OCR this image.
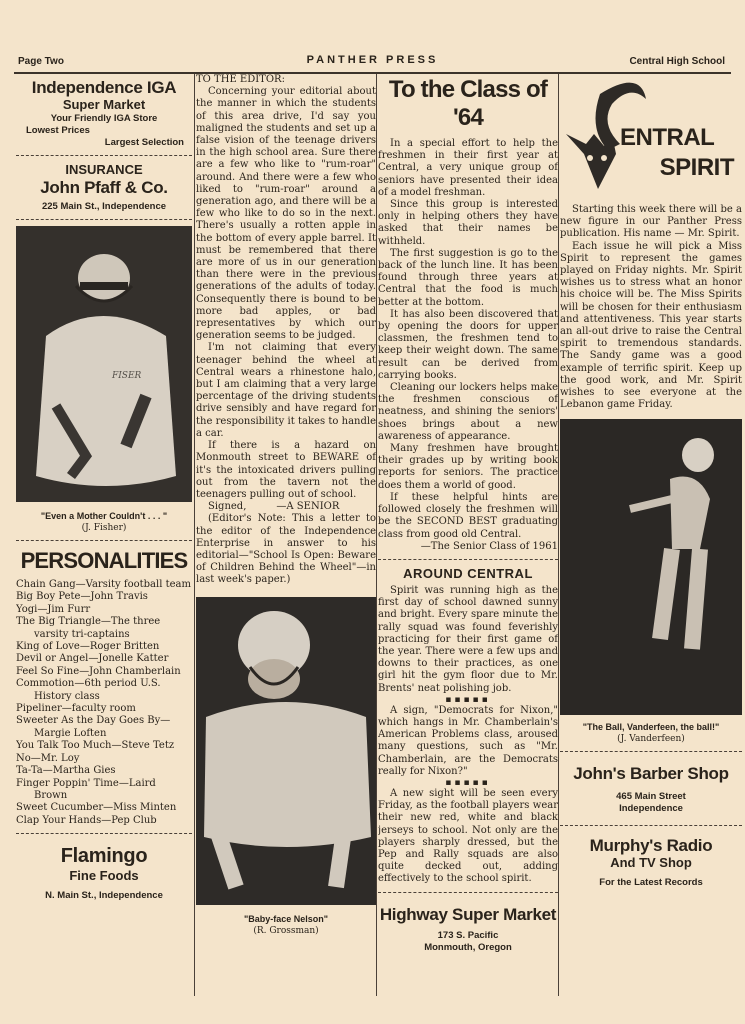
Page Two	PANTHER PRESS	Central High School
Independence IGA
Super Market
Your Friendly IGA Store
Lowest Prices
Largest Selection
INSURANCE
John Pfaff & Co.
225 Main St., Independence
FISER
"Even a Mother Couldn't . . . "
(J. Fisher)
PERSONALITIES
Chain Gang—Varsity football team
Big Boy Pete—John Travis
Yogi—Jim Furr
The Big Triangle—The three varsity tri-captains
King of Love—Roger Britten
Devil or Angel—Jonelle Katter
Feel So Fine—John Chamberlain
Commotion—6th period U.S. History class
Pipeliner—faculty room
Sweeter As the Day Goes By—Margie Loften
You Talk Too Much—Steve Tetz
No—Mr. Loy
Ta-Ta—Martha Gies
Finger Poppin' Time—Laird Brown
Sweet Cucumber—Miss Minten
Clap Your Hands—Pep Club
Flamingo
Fine Foods
N. Main St., Independence

TO THE EDITOR:

Concerning your editorial about the manner in which the students of this area drive, I'd say you maligned the students and set up a false vision of the teenage drivers in the high school area. Sure there are a few who like to "rum-roar" around. And there were a few who liked to "rum-roar" around a generation ago, and there will be a few who like to do so in the next. There's usually a rotten apple in the bottom of every apple barrel. It must be remembered that there are more of us in our generation than there were in the previous generations of the adults of today. Consequently there is bound to be more bad apples, or bad representatives by which our generation seems to be judged.

I'm not claiming that every teenager behind the wheel at Central wears a rhinestone halo, but I am claiming that a very large percentage of the driving students drive sensibly and have regard for the responsibility it takes to handle a car.

If there is a hazard on Monmouth street to BEWARE of it's the intoxicated drivers pulling out from the tavern not the teenagers pulling out of school.

Signed,	—A SENIOR

(Editor's Note: This a letter to the editor of the Independence Enterprise in answer to his editorial—"School Is Open: Beware of Children Behind the Wheel"—in last week's paper.)

"Baby-face Nelson"
(R. Grossman)
To the Class of '64

In a special effort to help the freshmen in their first year at Central, a very unique group of seniors have presented their idea of a model freshman.

Since this group is interested only in helping others they have asked that their names be withheld.

The first suggestion is go to the back of the lunch line. It has been found through three years at Central that the food is much better at the bottom.

It has also been discovered that by opening the doors for upper classmen, the freshmen tend to keep their weight down. The same result can be derived from carrying books.

Cleaning our lockers helps make the freshmen conscious of neatness, and shining the seniors' shoes brings about a new awareness of appearance.

Many freshmen have brought their grades up by writing book reports for seniors. The practice does them a world of good.

If these helpful hints are followed closely the freshmen will be the SECOND BEST graduating class from good old Central.

—The Senior Class of 1961

AROUND CENTRAL

Spirit was running high as the first day of school dawned sunny and bright. Every spare minute the rally squad was found feverishly practicing for their first game of the year. There were a few ups and downs to their practices, as one girl hit the gym floor due to Mr. Brents' neat polishing job.

▪▪▪▪▪

A sign, "Democrats for Nixon," which hangs in Mr. Chamberlain's American Problems class, aroused many questions, such as "Mr. Chamberlain, are the Democrats really for Nixon?"

▪▪▪▪▪

A new sight will be seen every Friday, as the football players wear their new red, white and black jerseys to school. Not only are the players sharply dressed, but the Pep and Rally squads are also quite decked out, adding effectively to the school spirit.

Highway Super Market
173 S. Pacific
Monmouth, Oregon
C
ENTRAL
SPIRIT

Starting this week there will be a new figure in our Panther Press publication. His name — Mr. Spirit.

Each issue he will pick a Miss Spirit to represent the games played on Friday nights. Mr. Spirit wishes us to stress what an honor his choice will be. The Miss Spirits will be chosen for their enthusiasm and attentiveness. This year starts an all-out drive to raise the Central spirit to tremendous standards. The Sandy game was a good example of terrific spirit. Keep up the good work, and Mr. Spirit wishes to see everyone at the Lebanon game Friday.

"The Ball, Vanderfeen, the ball!"
(J. Vanderfeen)
John's Barber Shop
465 Main Street
Independence
Murphy's Radio
And TV Shop
For the Latest Records
